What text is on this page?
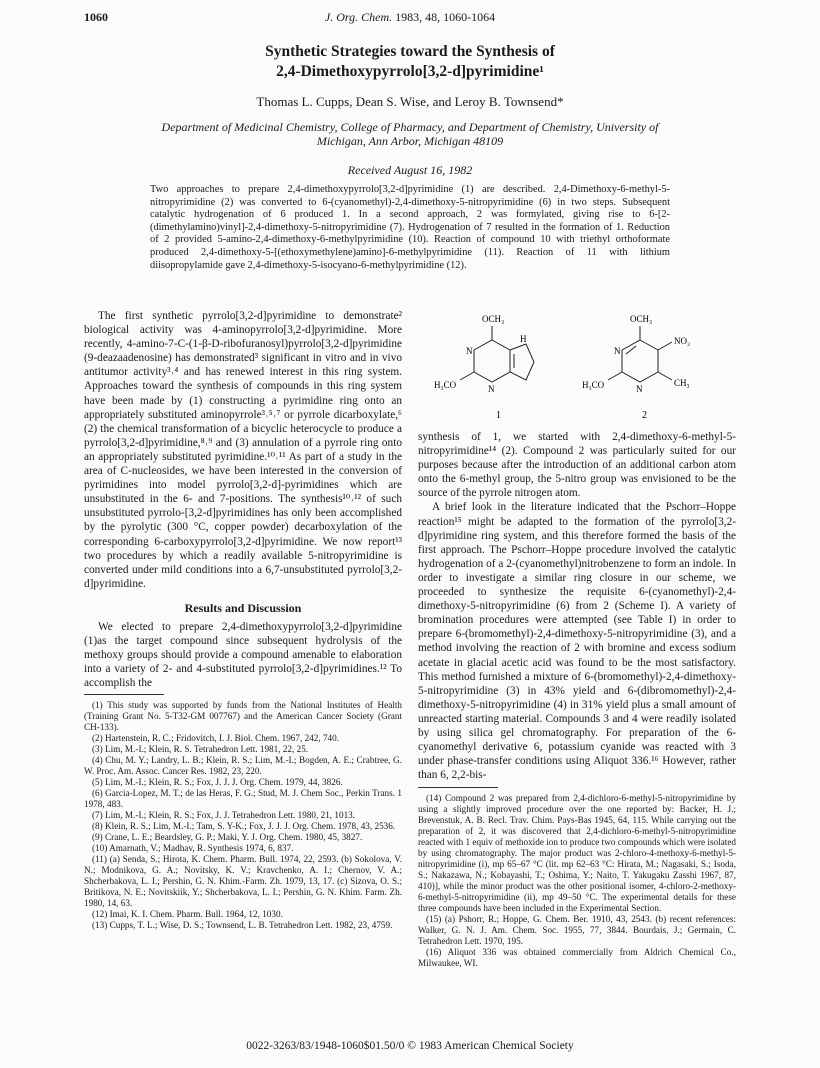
1060	J. Org. Chem. 1983, 48, 1060-1064
Synthetic Strategies toward the Synthesis of
2,4-Dimethoxypyrrolo[3,2-d]pyrimidine¹
Thomas L. Cupps, Dean S. Wise, and Leroy B. Townsend*
Department of Medicinal Chemistry, College of Pharmacy, and Department of Chemistry, University of
Michigan, Ann Arbor, Michigan 48109
Received August 16, 1982
Two approaches to prepare 2,4-dimethoxypyrrolo[3,2-d]pyrimidine (1) are described. 2,4-Dimethoxy-6-methyl-5-nitropyrimidine (2) was converted to 6-(cyanomethyl)-2,4-dimethoxy-5-nitropyrimidine (6) in two steps. Subsequent catalytic hydrogenation of 6 produced 1. In a second approach, 2 was formylated, giving rise to 6-[2-(dimethylamino)vinyl]-2,4-dimethoxy-5-nitropyrimidine (7). Hydrogenation of 7 resulted in the formation of 1. Reduction of 2 provided 5-amino-2,4-dimethoxy-6-methylpyrimidine (10). Reaction of compound 10 with triethyl orthoformate produced 2,4-dimethoxy-5-[(ethoxymethylene)amino]-6-methylpyrimidine (11). Reaction of 11 with lithium diisopropylamide gave 2,4-dimethoxy-5-isocyano-6-methylpyrimidine (12).

The first synthetic pyrrolo[3,2-d]pyrimidine to demonstrate² biological activity was 4-aminopyrrolo[3,2-d]pyrimidine. More recently, 4-amino-7-C-(1-β-D-ribofuranosyl)pyrrolo[3,2-d]pyrimidine (9-deazaadenosine) has demonstrated³ significant in vitro and in vivo antitumor activity³˒⁴ and has renewed interest in this ring system. Approaches toward the synthesis of compounds in this ring system have been made by (1) constructing a pyrimidine ring onto an appropriately substituted aminopyrrole³˒⁵˒⁷ or pyrrole dicarboxylate,⁶ (2) the chemical transformation of a bicyclic heterocycle to produce a pyrrolo[3,2-d]pyrimidine,⁸˒⁹ and (3) annulation of a pyrrole ring onto an appropriately substituted pyrimidine.¹⁰˒¹¹ As part of a study in the area of C-nucleosides, we have been interested in the conversion of pyrimidines into model pyrrolo[3,2-d]-pyrimidines which are unsubstituted in the 6- and 7-positions. The synthesis¹⁰˒¹² of such unsubstituted pyrrolo-[3,2-d]pyrimidines has only been accomplished by the pyrolytic (300 °C, copper powder) decarboxylation of the corresponding 6-carboxypyrrolo[3,2-d]pyrimidine. We now report¹³ two procedures by which a readily available 5-nitropyrimidine is converted under mild conditions into a 6,7-unsubstituted pyrrolo[3,2-d]pyrimidine.

Results and Discussion

We elected to prepare 2,4-dimethoxypyrrolo[3,2-d]pyrimidine (1)as the target compound since subsequent hydrolysis of the methoxy groups should provide a compound amenable to elaboration into a variety of 2- and 4-substituted pyrrolo[3,2-d]pyrimidines.¹² To accomplish the

OCH₃
N
N
H
H₃CO
1
OCH₃
NO₂
CH₃
N
N
H₃CO
2

synthesis of 1, we started with 2,4-dimethoxy-6-methyl-5-nitropyrimidine¹⁴ (2). Compound 2 was particularly suited for our purposes because after the introduction of an additional carbon atom onto the 6-methyl group, the 5-nitro group was envisioned to be the source of the pyrrole nitrogen atom.

A brief look in the literature indicated that the Pschorr–Hoppe reaction¹⁵ might be adapted to the formation of the pyrrolo[3,2-d]pyrimidine ring system, and this therefore formed the basis of the first approach. The Pschorr–Hoppe procedure involved the catalytic hydrogenation of a 2-(cyanomethyl)nitrobenzene to form an indole. In order to investigate a similar ring closure in our scheme, we proceeded to synthesize the requisite 6-(cyanomethyl)-2,4-dimethoxy-5-nitropyrimidine (6) from 2 (Scheme I). A variety of bromination procedures were attempted (see Table I) in order to prepare 6-(bromomethyl)-2,4-dimethoxy-5-nitropyrimidine (3), and a method involving the reaction of 2 with bromine and excess sodium acetate in glacial acetic acid was found to be the most satisfactory. This method furnished a mixture of 6-(bromomethyl)-2,4-dimethoxy-5-nitropyrimidine (3) in 43% yield and 6-(dibromomethyl)-2,4-dimethoxy-5-nitropyrimidine (4) in 31% yield plus a small amount of unreacted starting material. Compounds 3 and 4 were readily isolated by using silica gel chromatography. For preparation of the 6-cyanomethyl derivative 6, potassium cyanide was reacted with 3 under phase-transfer conditions using Aliquot 336.¹⁶ However, rather than 6, 2,2-bis-

(1) This study was supported by funds from the National Institutes of Health (Training Grant No. 5-T32-GM 007767) and the American Cancer Society (Grant CH-133).

(2) Hartenstein, R. C.; Fridovitch, I. J. Biol. Chem. 1967, 242, 740.

(3) Lim, M.-I.; Klein, R. S. Tetrahedron Lett. 1981, 22, 25.

(4) Chu, M. Y.; Landry, L. B.; Klein, R. S.; Lim, M.-I.; Bogden, A. E.; Crabtree, G. W. Proc. Am. Assoc. Cancer Res. 1982, 23, 220.

(5) Lim, M.-I.; Klein, R. S.; Fox, J. J. J. Org. Chem. 1979, 44, 3826.

(6) Garcia-Lopez, M. T.; de las Heras, F. G.; Stud, M. J. Chem Soc., Perkin Trans. 1 1978, 483.

(7) Lim, M.-I.; Klein, R. S.; Fox, J. J. Tetrahedron Lett. 1980, 21, 1013.

(8) Klein, R. S.; Lim, M.-I.; Tam, S. Y-K.; Fox, J. J. J. Org. Chem. 1978, 43, 2536.

(9) Crane, L. E.; Beardsley, G. P.; Maki, Y. J. Org. Chem. 1980, 45, 3827.

(10) Amarnath, V.; Madhav, R. Synthesis 1974, 6, 837.

(11) (a) Senda, S.; Hirota, K. Chem. Pharm. Bull. 1974, 22, 2593. (b) Sokolova, V. N.; Modnikova, G. A.; Novitsky, K. V.; Kravchenko, A. I.; Chernov, V. A.; Shcherbakova, L. I.; Pershin, G. N. Khim.-Farm. Zh. 1979, 13, 17. (c) Sizova, O. S.; Britikova, N. E.; Novitskiik, Y.; Shcherbakova, L. I.; Pershin, G. N. Khim. Farm. Zh. 1980, 14, 63.

(12) Imai, K. I. Chem. Pharm. Bull. 1964, 12, 1030.

(13) Cupps, T. L.; Wise, D. S.; Townsend, L. B. Tetrahedron Lett. 1982, 23, 4759.

(14) Compound 2 was prepared from 2,4-dichloro-6-methyl-5-nitropyrimidine by using a slightly improved procedure over the one reported by: Backer, H. J.; Brevenstuk, A. B. Recl. Trav. Chim. Pays-Bas 1945, 64, 115. While carrying out the preparation of 2, it was discovered that 2,4-dichloro-6-methyl-5-nitropyrimidine reacted with 1 equiv of methoxide ion to produce two compounds which were isolated by using chromatography. The major product was 2-chloro-4-methoxy-6-methyl-5-nitropyrimidine (i), mp 65–67 °C (lit. mp 62–63 °C: Hirata, M.; Nagasaki, S.; Isoda, S.; Nakazawa, N.; Kobayashi, T.; Oshima, Y.; Naito, T. Yakugaku Zasshi 1967, 87, 410)], while the minor product was the other positional isomer, 4-chloro-2-methoxy-6-methyl-5-nitropyrimidine (ii), mp 49–50 °C. The experimental details for these three compounds have been included in the Experimental Section.

(15) (a) Pshorr, R.; Hoppe, G. Chem. Ber. 1910, 43, 2543. (b) recent references: Walker, G. N. J. Am. Chem. Soc. 1955, 77, 3844. Bourdais, J.; Germain, C. Tetrahedron Lett. 1970, 195.

(16) Aliquot 336 was obtained commercially from Aldrich Chemical Co., Milwaukee, WI.

0022-3263/83/1948-1060$01.50/0 © 1983 American Chemical Society
